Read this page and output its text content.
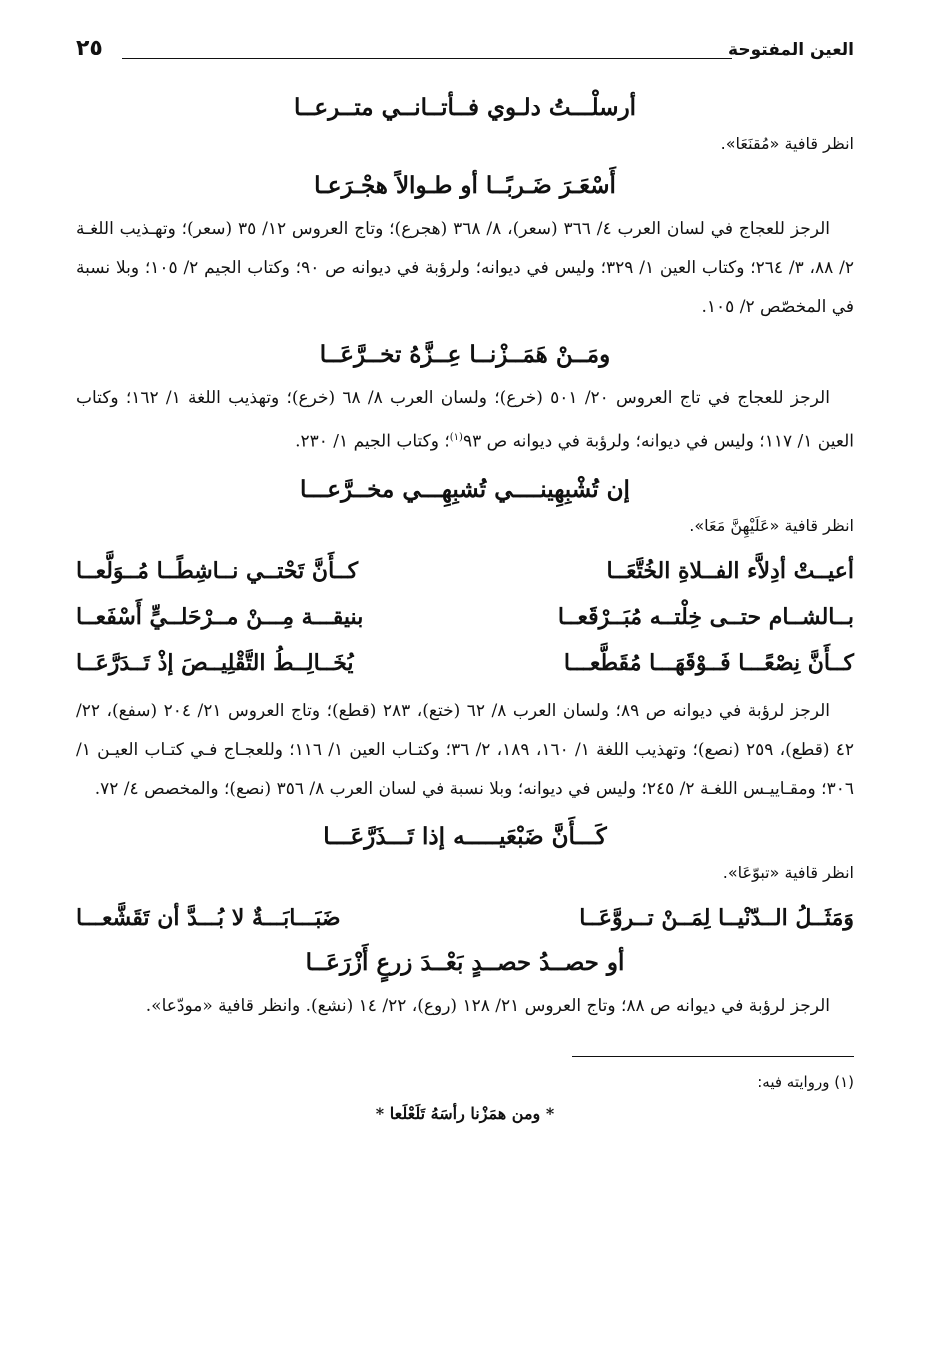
العين المفتوحة
٢٥
أرسلْـــتُ دلـوي فــأتــانــي متــرعــا
انظر قافية «مُقنَعَا».
أَسْعَـرَ ضَـربًــا أو طـوالاً هجْـرَعـا
الرجز للعجاج في لسان العرب ٤/ ٣٦٦ (سعر)، ٨/ ٣٦٨ (هجرع)؛ وتاج العروس ١٢/ ٣٥ (سعر)؛ وتهـذيب اللغـة ٢/ ٨٨، ٣/ ٢٦٤؛ وكتاب العين ١/ ٣٢٩؛ وليس في ديوانه؛ ولرؤبة في ديوانه ص ٩٠؛ وكتاب الجيم ٢/ ١٠٥؛ وبلا نسبة في المخصّص ٢/ ١٠٥.
ومَــنْ هَمَــزْنــا عِــزَّهُ تخــرَّعَــا
الرجز للعجاج في تاج العروس ٢٠/ ٥٠١ (خرع)؛ ولسان العرب ٨/ ٦٨ (خرع)؛ وتهذيب اللغة ١/ ١٦٢؛ وكتاب العين ١/ ١١٧؛ وليس في ديوانه؛ ولرؤبة في ديوانه ص ٩٣$^{(١)}$؛ وكتاب الجيم ١/ ٢٣٠.
إن تُشْبِهِينــــي تُشبِهِـــي مخــرَّعـــا
انظر قافية «عَلَيْهِنَّ مَعَا».
أعيــتْ أدِلاَّء الفــلاةِ الخُتَّعَــا
كــأَنَّ تَحْتــي نــاشِطًــا مُــوَلَّعــا
بــالشــام حتــى خِلْتــه مُبَــرْقَعــا
بنيقـــة مِـــنْ مــرْحَلــيٍّ أَسْفَعــا
كــأَنَّ نِصْعًـــا فَــوْقَهَـــا مُقَطَّعـــا
يُخَــالِــطُ التَّقْلِيــصَ إذْ تَــدَرَّعَــا
الرجز لرؤبة في ديوانه ص ٨٩؛ ولسان العرب ٨/ ٦٢ (ختع)، ٢٨٣ (قطع)؛ وتاج العروس ٢١/ ٢٠٤ (سفع)، ٢٢/ ٤٢ (قطع)، ٢٥٩ (نصع)؛ وتهذيب اللغة ١/ ١٦٠، ١٨٩، ٢/ ٣٦؛ وكتـاب العين ١/ ١١٦؛ وللعجـاج فـي كتـاب العيـن ١/ ٣٠٦؛ ومقـاييـس اللغـة ٢/ ٢٤٥؛ وليس في ديوانه؛ وبلا نسبة في لسان العرب ٨/ ٣٥٦ (نصع)؛ والمخصص ٤/ ٧٢.
كَـــأَنَّ ضَبْعَيـــــه إذا تَـــذَرَّعَـــا
انظر قافية «تبوّعَا».
وَمَثَــلُ الــدّنْيــا لِمَــنْ تــروَّعَــا
ضَبَـــابَـــةٌ لا بُـــدَّ أن تَقَشَّعـــا
أو حصــدُ حصــدٍ بَعْــدَ زرعٍ أَزْرَعَــا
الرجز لرؤبة في ديوانه ص ٨٨؛ وتاج العروس ٢١/ ١٢٨ (روع)، ٢٢/ ١٤ (نشع). وانظر قافية «مودّعا».
(١) وروايته فيه:
* ومن همَزْنا رأسَهُ تَلَعْلَعا *
